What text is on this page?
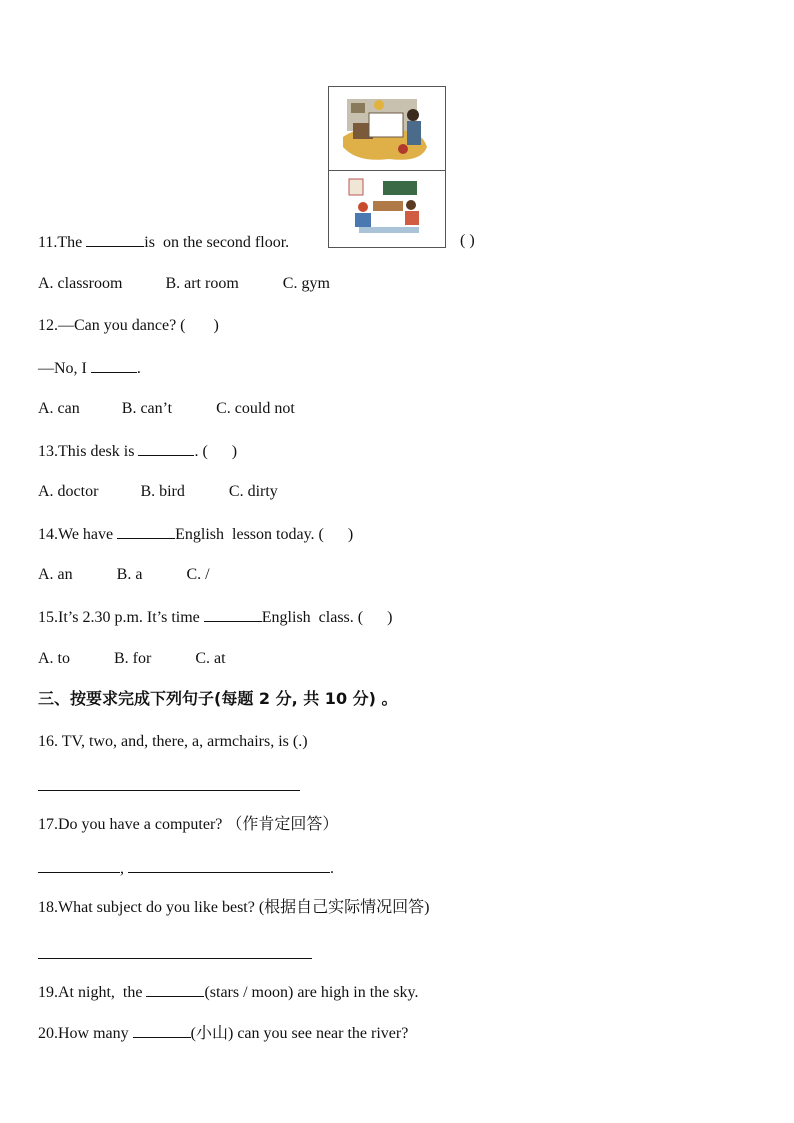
11.The	is  on the second floor.	( )
A. classroom	B. art room	C. gym
12.—Can you dance? (       )
—No, I	.
A. can	B. can’t	C. could not
13.This desk is	. (      )
A. doctor	B. bird	C. dirty
14.We have	English  lesson today. (      )
A. an	B. a	C. /
15.It’s 2.30 p.m. It’s time	English  class. (      )
A. to	B. for	C. at
三、按要求完成下列句子(每题 2 分, 共 10 分) 。
16. TV, two, and, there, a, armchairs, is (.)
17.Do you have a computer? （作肯定回答）
,	.
18.What subject do you like best? (根据自己实际情况回答)
19.At night,  the	(stars / moon) are high in the sky.
20.How many	(小山) can you see near the river?
